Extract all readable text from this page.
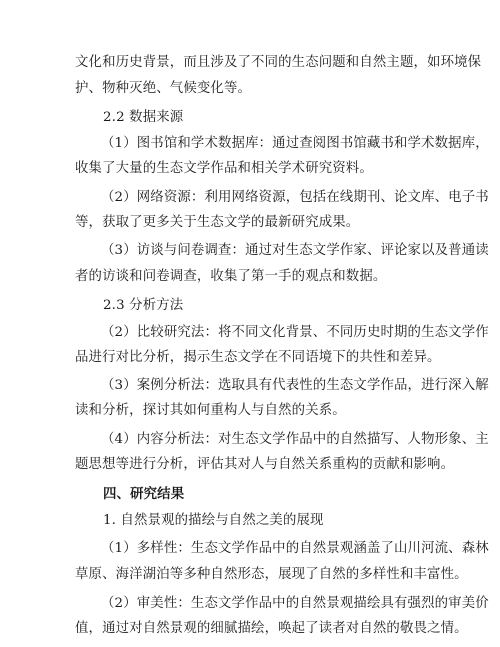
文化和历史背景，而且涉及了不同的生态问题和自然主题，如环境保

护、物种灭绝、气候变化等。

2.2 数据来源

（1）图书馆和学术数据库：通过查阅图书馆藏书和学术数据库，

收集了大量的生态文学作品和相关学术研究资料。

（2）网络资源：利用网络资源，包括在线期刊、论文库、电子书

等，获取了更多关于生态文学的最新研究成果。

（3）访谈与问卷调查：通过对生态文学作家、评论家以及普通读

者的访谈和问卷调查，收集了第一手的观点和数据。

2.3 分析方法

（2）比较研究法：将不同文化背景、不同历史时期的生态文学作

品进行对比分析，揭示生态文学在不同语境下的共性和差异。

（3）案例分析法：选取具有代表性的生态文学作品，进行深入解

读和分析，探讨其如何重构人与自然的关系。

（4）内容分析法：对生态文学作品中的自然描写、人物形象、主

题思想等进行分析，评估其对人与自然关系重构的贡献和影响。

四、研究结果

1. 自然景观的描绘与自然之美的展现

（1）多样性：生态文学作品中的自然景观涵盖了山川河流、森林

草原、海洋湖泊等多种自然形态，展现了自然的多样性和丰富性。

（2）审美性：生态文学作品中的自然景观描绘具有强烈的审美价

值，通过对自然景观的细腻描绘，唤起了读者对自然的敬畏之情。
